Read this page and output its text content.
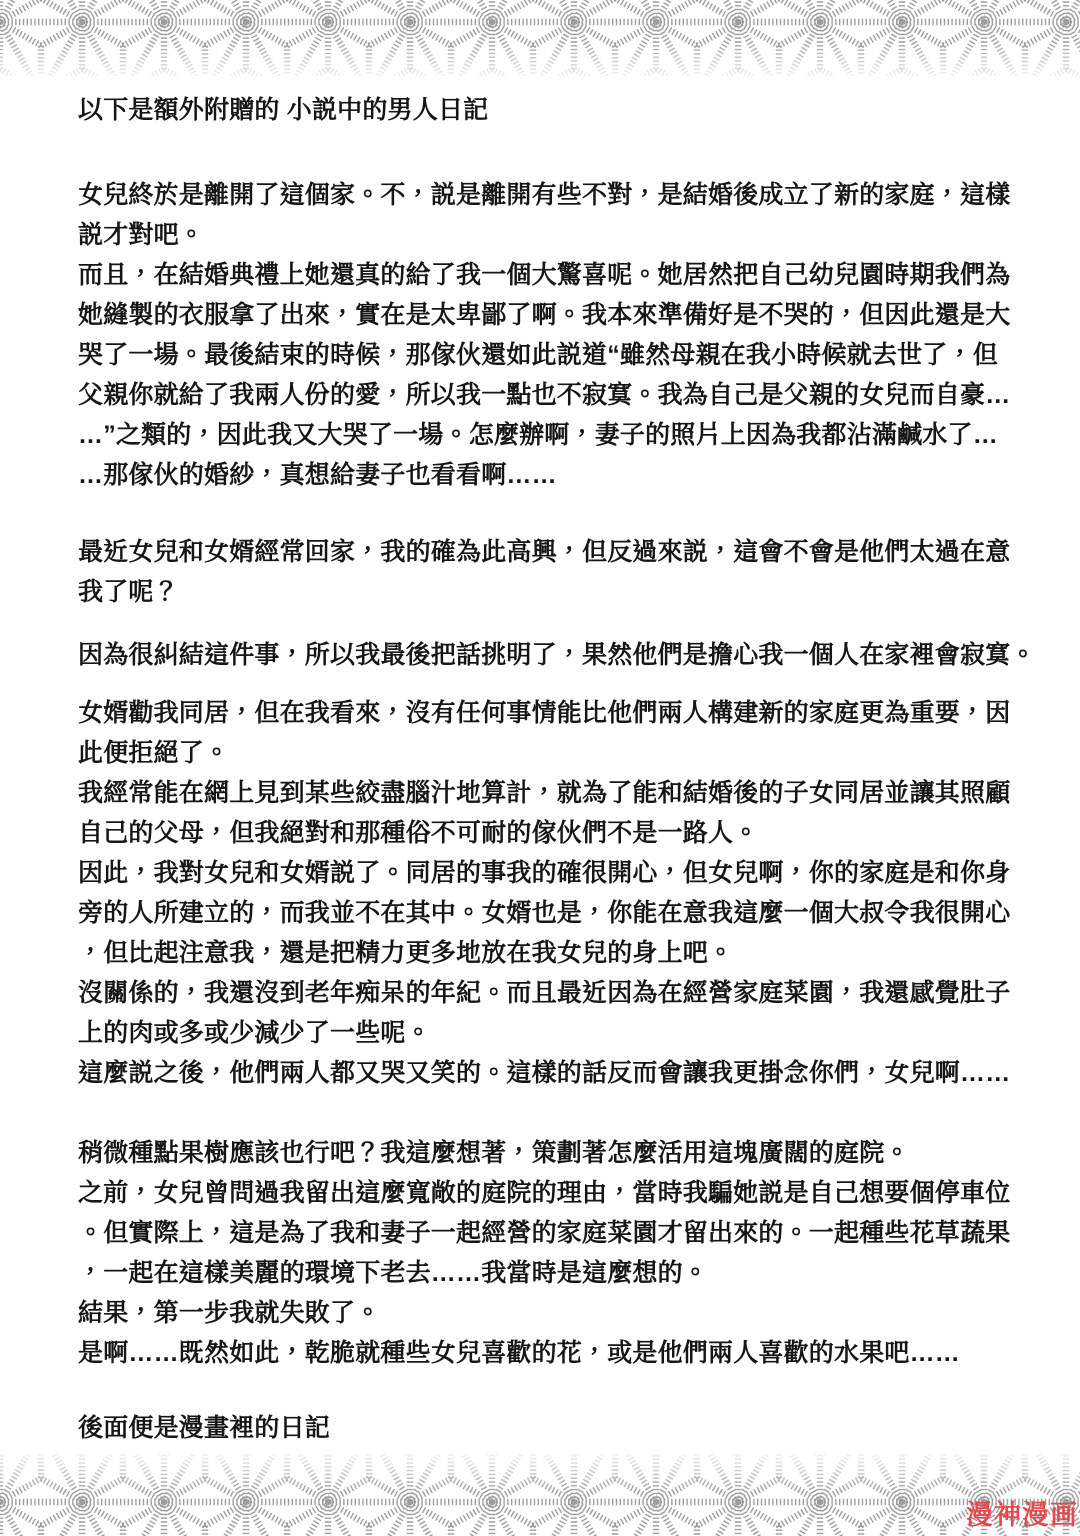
以下是額外附贈的 小説中的男人日記
女兒終於是離開了這個家。不，説是離開有些不對，是結婚後成立了新的家庭，這樣
説才對吧。
而且，在結婚典禮上她還真的給了我一個大驚喜呢。她居然把自己幼兒園時期我們為
她縫製的衣服拿了出來，實在是太卑鄙了啊。我本來準備好是不哭的，但因此還是大
哭了一場。最後結束的時候，那傢伙還如此説道“雖然母親在我小時候就去世了，但
父親你就給了我兩人份的愛，所以我一點也不寂寞。我為自己是父親的女兒而自豪…
…”之類的，因此我又大哭了一場。怎麼辦啊，妻子的照片上因為我都沾滿鹹水了…
…那傢伙的婚紗，真想給妻子也看看啊……
最近女兒和女婿經常回家，我的確為此高興，但反過來説，這會不會是他們太過在意
我了呢？
因為很糾結這件事，所以我最後把話挑明了，果然他們是擔心我一個人在家裡會寂寞。
女婿勸我同居，但在我看來，沒有任何事情能比他們兩人構建新的家庭更為重要，因
此便拒絕了。
我經常能在網上見到某些絞盡腦汁地算計，就為了能和結婚後的子女同居並讓其照顧
自己的父母，但我絕對和那種俗不可耐的傢伙們不是一路人。
因此，我對女兒和女婿説了。同居的事我的確很開心，但女兒啊，你的家庭是和你身
旁的人所建立的，而我並不在其中。女婿也是，你能在意我這麼一個大叔令我很開心
，但比起注意我，還是把精力更多地放在我女兒的身上吧。
沒關係的，我還沒到老年痴呆的年紀。而且最近因為在經營家庭菜園，我還感覺肚子
上的肉或多或少減少了一些呢。
這麼説之後，他們兩人都又哭又笑的。這樣的話反而會讓我更掛念你們，女兒啊……
稍微種點果樹應該也行吧？我這麼想著，策劃著怎麼活用這塊廣闊的庭院。
之前，女兒曾問過我留出這麼寬敞的庭院的理由，當時我騙她説是自己想要個停車位
。但實際上，這是為了我和妻子一起經營的家庭菜園才留出來的。一起種些花草蔬果
，一起在這樣美麗的環境下老去……我當時是這麼想的。
結果，第一步我就失敗了。
是啊……既然如此，乾脆就種些女兒喜歡的花，或是他們兩人喜歡的水果吧……
後面便是漫畫裡的日記
漫神漫画
